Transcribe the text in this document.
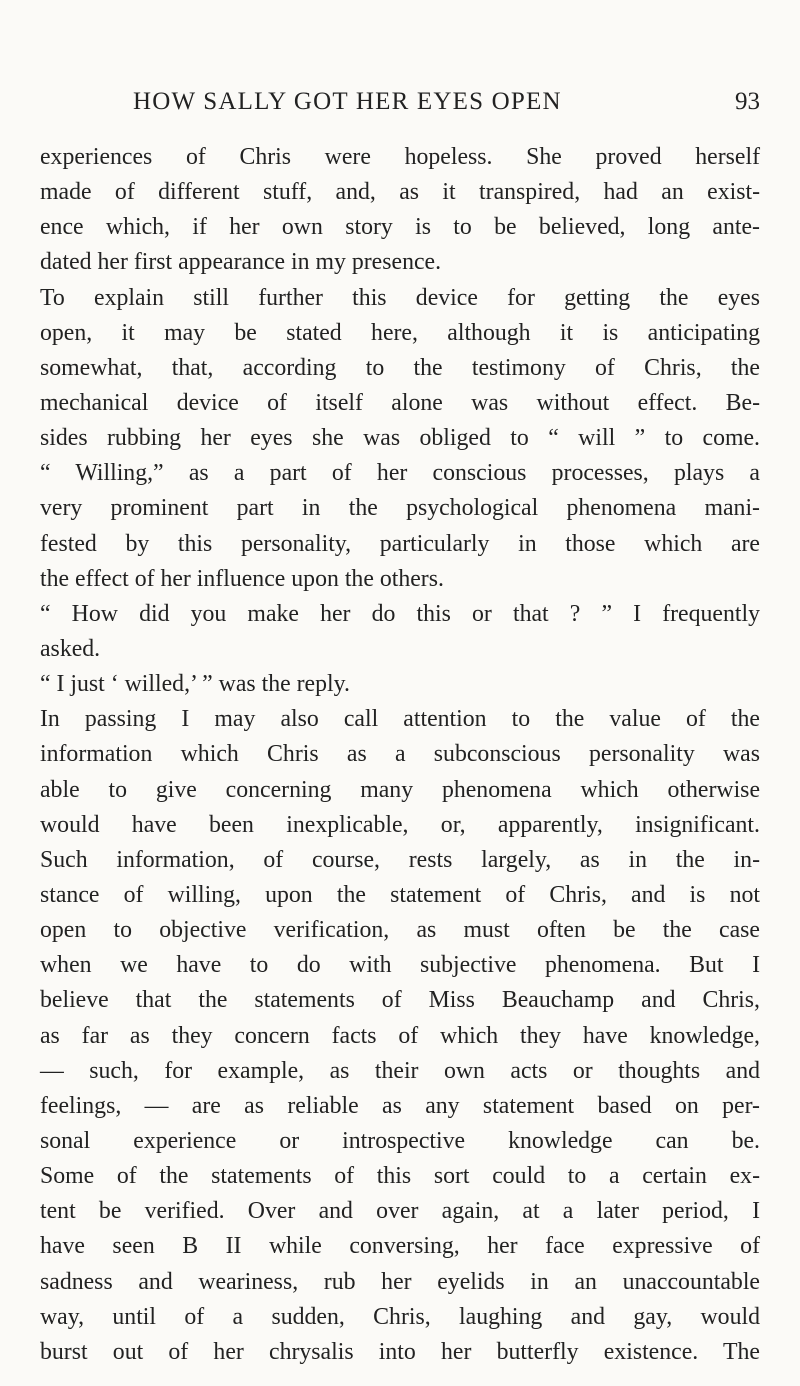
HOW SALLY GOT HER EYES OPEN	93
experiences of Chris were hopeless. She proved herself
made of different stuff, and, as it transpired, had an exist-
ence which, if her own story is to be believed, long ante-
dated her first appearance in my presence.
To explain still further this device for getting the eyes
open, it may be stated here, although it is anticipating
somewhat, that, according to the testimony of Chris, the
mechanical device of itself alone was without effect. Be-
sides rubbing her eyes she was obliged to “ will ” to come.
“ Willing,” as a part of her conscious processes, plays a
very prominent part in the psychological phenomena mani-
fested by this personality, particularly in those which are
the effect of her influence upon the others.
“ How did you make her do this or that ? ” I frequently
asked.
“ I just ‘ willed,’ ” was the reply.
In passing I may also call attention to the value of the
information which Chris as a subconscious personality was
able to give concerning many phenomena which otherwise
would have been inexplicable, or, apparently, insignificant.
Such information, of course, rests largely, as in the in-
stance of willing, upon the statement of Chris, and is not
open to objective verification, as must often be the case
when we have to do with subjective phenomena. But I
believe that the statements of Miss Beauchamp and Chris,
as far as they concern facts of which they have knowledge,
— such, for example, as their own acts or thoughts and
feelings, — are as reliable as any statement based on per-
sonal experience or introspective knowledge can be.
Some of the statements of this sort could to a certain ex-
tent be verified. Over and over again, at a later period, I
have seen B II while conversing, her face expressive of
sadness and weariness, rub her eyelids in an unaccountable
way, until of a sudden, Chris, laughing and gay, would
burst out of her chrysalis into her butterfly existence. The
